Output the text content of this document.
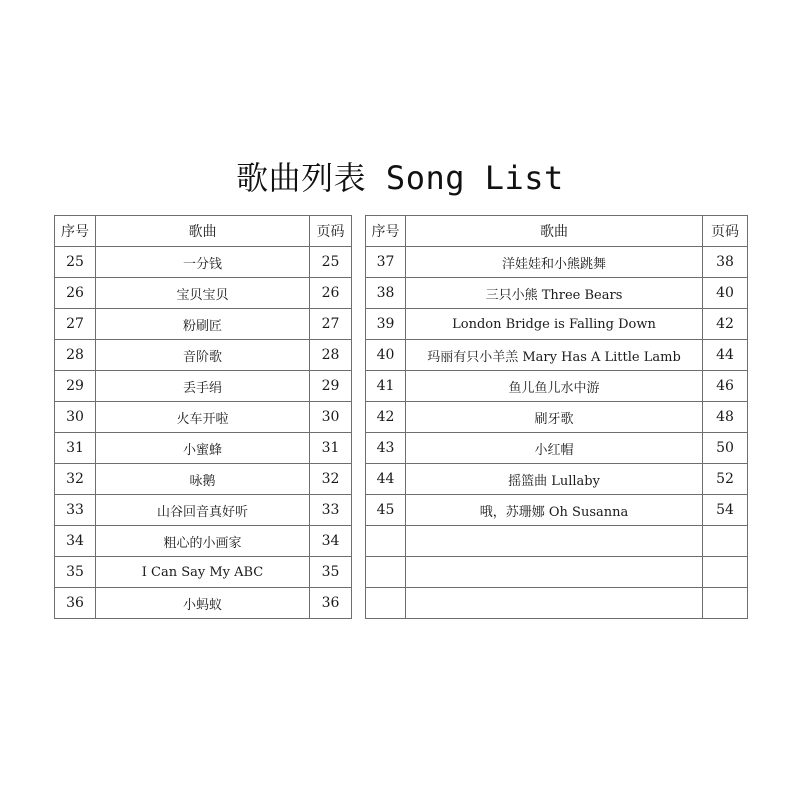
歌曲列表 Song List
序号	歌曲	页码
25	一分钱	25
26	宝贝宝贝	26
27	粉刷匠	27
28	音阶歌	28
29	丢手绢	29
30	火车开啦	30
31	小蜜蜂	31
32	咏鹅	32
33	山谷回音真好听	33
34	粗心的小画家	34
35	I Can Say My ABC	35
36	小蚂蚁	36
序号	歌曲	页码
37	洋娃娃和小熊跳舞	38
38	三只小熊 Three Bears	40
39	London Bridge is Falling Down	42
40	玛丽有只小羊羔 Mary Has A Little Lamb	44
41	鱼儿鱼儿水中游	46
42	刷牙歌	48
43	小红帽	50
44	摇篮曲 Lullaby	52
45	哦，苏珊娜 Oh Susanna	54
